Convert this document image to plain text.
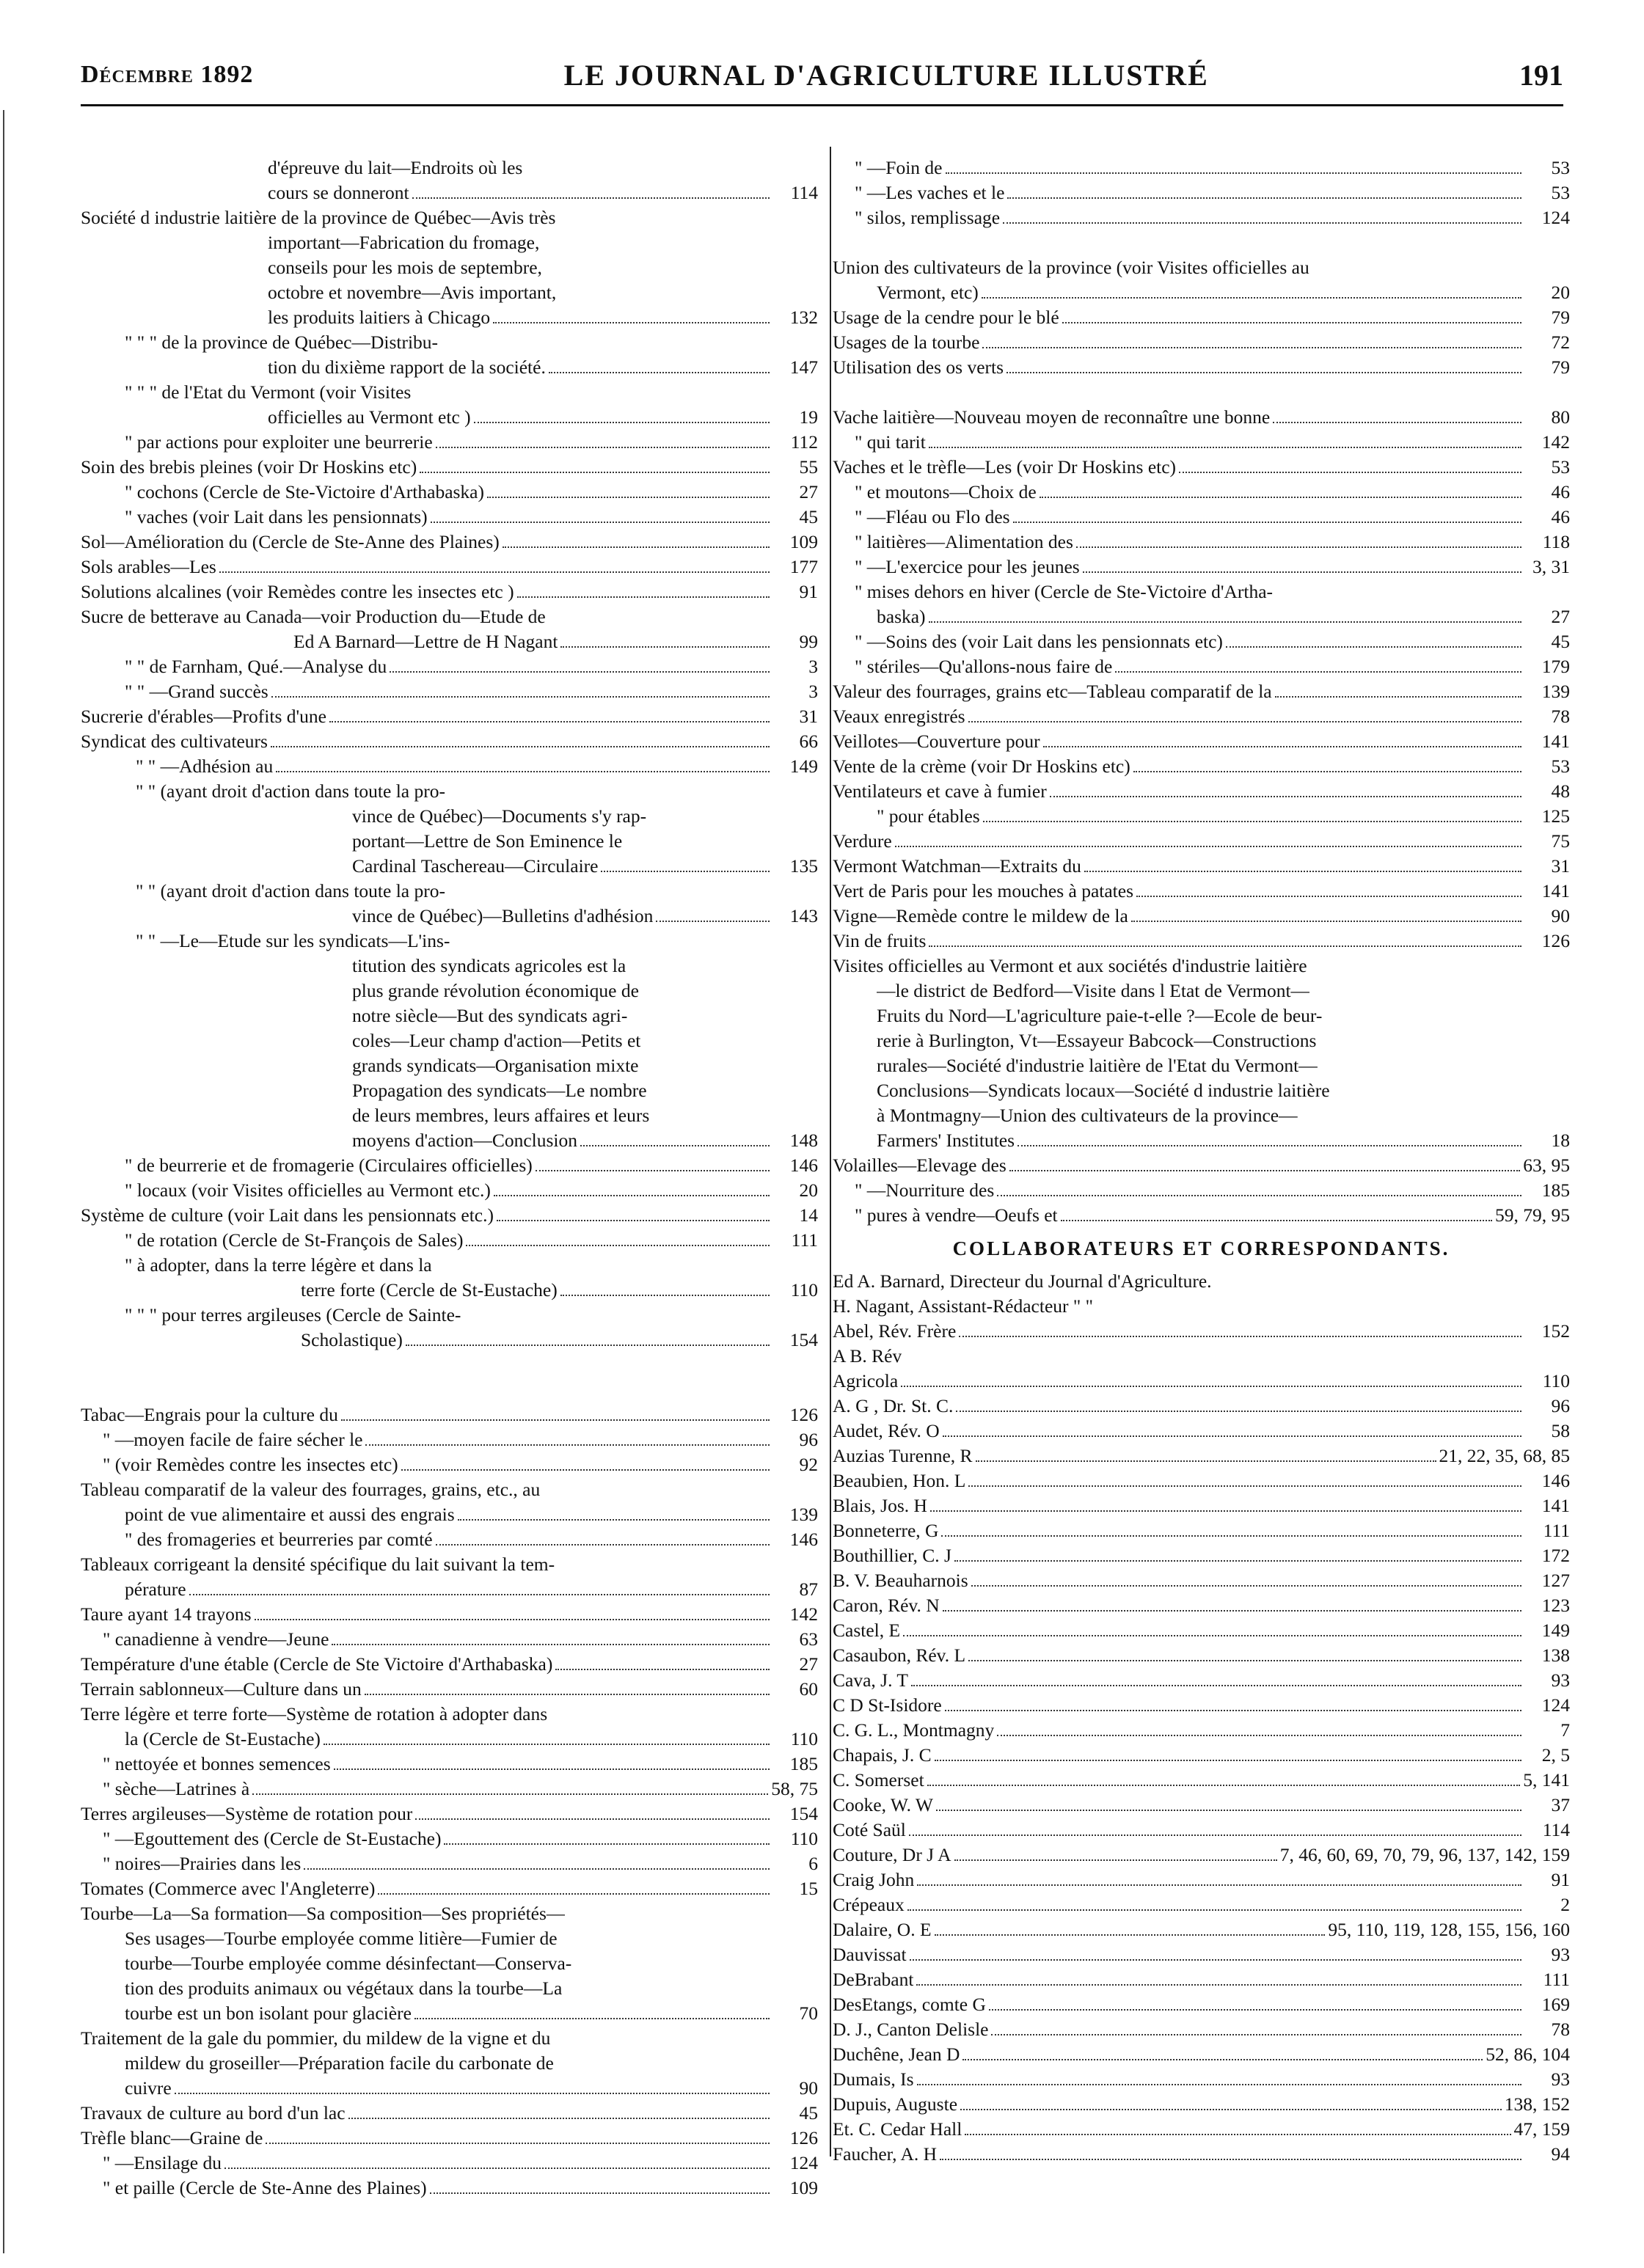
Décembre 1892	LE JOURNAL D'AGRICULTURE ILLUSTRÉ	191
d'épreuve du lait—Endroits où les
cours se donneront	114
Société d industrie laitière de la province de Québec—Avis très
important—Fabrication du fromage,
conseils pour les mois de septembre,
octobre et novembre—Avis important,
les produits laitiers à Chicago	132
" " " de la province de Québec—Distribu-
tion du dixième rapport de la société.	147
" " " de l'Etat du Vermont (voir Visites
officielles au Vermont etc )	19
" par actions pour exploiter une beurrerie	112
Soin des brebis pleines (voir Dr Hoskins etc)	55
" cochons (Cercle de Ste-Victoire d'Arthabaska)	27
" vaches (voir Lait dans les pensionnats)	45
Sol—Amélioration du (Cercle de Ste-Anne des Plaines)	109
Sols arables—Les	177
Solutions alcalines (voir Remèdes contre les insectes etc )	91
Sucre de betterave au Canada—voir Production du—Etude de
Ed A Barnard—Lettre de H Nagant	99
" " de Farnham, Qué.—Analyse du	3
" " —Grand succès	3
Sucrerie d'érables—Profits d'une	31
Syndicat des cultivateurs	66
" " —Adhésion au	149
" " (ayant droit d'action dans toute la pro-
vince de Québec)—Documents s'y rap-
portant—Lettre de Son Eminence le
Cardinal Taschereau—Circulaire	135
" " (ayant droit d'action dans toute la pro-
vince de Québec)—Bulletins d'adhésion	143
" " —Le—Etude sur les syndicats—L'ins-
titution des syndicats agricoles est la
plus grande révolution économique de
notre siècle—But des syndicats agri-
coles—Leur champ d'action—Petits et
grands syndicats—Organisation mixte
Propagation des syndicats—Le nombre
de leurs membres, leurs affaires et leurs
moyens d'action—Conclusion	148
" de beurrerie et de fromagerie (Circulaires officielles)	146
" locaux (voir Visites officielles au Vermont etc.)	20
Système de culture (voir Lait dans les pensionnats etc.)	14
" de rotation (Cercle de St-François de Sales)	111
" à adopter, dans la terre légère et dans la
terre forte (Cercle de St-Eustache)	110
" " " pour terres argileuses (Cercle de Sainte-
Scholastique)	154
Tabac—Engrais pour la culture du	126
" —moyen facile de faire sécher le	96
" (voir Remèdes contre les insectes etc)	92
Tableau comparatif de la valeur des fourrages, grains, etc., au
point de vue alimentaire et aussi des engrais	139
" des fromageries et beurreries par comté	146
Tableaux corrigeant la densité spécifique du lait suivant la tem-
pérature	87
Taure ayant 14 trayons	142
" canadienne à vendre—Jeune	63
Température d'une étable (Cercle de Ste Victoire d'Arthabaska)	27
Terrain sablonneux—Culture dans un	60
Terre légère et terre forte—Système de rotation à adopter dans
la (Cercle de St-Eustache)	110
" nettoyée et bonnes semences	185
" sèche—Latrines à	58, 75
Terres argileuses—Système de rotation pour	154
" —Egouttement des (Cercle de St-Eustache)	110
" noires—Prairies dans les	6
Tomates (Commerce avec l'Angleterre)	15
Tourbe—La—Sa formation—Sa composition—Ses propriétés—
Ses usages—Tourbe employée comme litière—Fumier de
tourbe—Tourbe employée comme désinfectant—Conserva-
tion des produits animaux ou végétaux dans la tourbe—La
tourbe est un bon isolant pour glacière	70
Traitement de la gale du pommier, du mildew de la vigne et du
mildew du groseiller—Préparation facile du carbonate de
cuivre	90
Travaux de culture au bord d'un lac	45
Trèfle blanc—Graine de	126
" —Ensilage du	124
" et paille (Cercle de Ste-Anne des Plaines)	109
" —Foin de	53
" —Les vaches et le	53
" silos, remplissage	124
Union des cultivateurs de la province (voir Visites officielles au
Vermont, etc)	20
Usage de la cendre pour le blé	79
Usages de la tourbe	72
Utilisation des os verts	79
Vache laitière—Nouveau moyen de reconnaître une bonne	80
" qui tarit	142
Vaches et le trèfle—Les (voir Dr Hoskins etc)	53
" et moutons—Choix de	46
" —Fléau ou Flo des	46
" laitières—Alimentation des	118
" —L'exercice pour les jeunes	3, 31
" mises dehors en hiver (Cercle de Ste-Victoire d'Artha-
baska)	27
" —Soins des (voir Lait dans les pensionnats etc)	45
" stériles—Qu'allons-nous faire de	179
Valeur des fourrages, grains etc—Tableau comparatif de la	139
Veaux enregistrés	78
Veillotes—Couverture pour	141
Vente de la crème (voir Dr Hoskins etc)	53
Ventilateurs et cave à fumier	48
" pour étables	125
Verdure	75
Vermont Watchman—Extraits du	31
Vert de Paris pour les mouches à patates	141
Vigne—Remède contre le mildew de la	90
Vin de fruits	126
Visites officielles au Vermont et aux sociétés d'industrie laitière
—le district de Bedford—Visite dans l Etat de Vermont—
Fruits du Nord—L'agriculture paie-t-elle ?—Ecole de beur-
rerie à Burlington, Vt—Essayeur Babcock—Constructions
rurales—Société d'industrie laitière de l'Etat du Vermont—
Conclusions—Syndicats locaux—Société d industrie laitière
à Montmagny—Union des cultivateurs de la province—
Farmers' Institutes	18
Volailles—Elevage des	63, 95
" —Nourriture des	185
" pures à vendre—Oeufs et	59, 79, 95
COLLABORATEURS ET CORRESPONDANTS.
Ed A. Barnard, Directeur du Journal d'Agriculture.
H. Nagant, Assistant-Rédacteur " "
Abel, Rév. Frère	152
A B. Rév
Agricola	110
A. G , Dr. St. C.	96
Audet, Rév. O	58
Auzias Turenne, R	21, 22, 35, 68, 85
Beaubien, Hon. L	146
Blais, Jos. H	141
Bonneterre, G	111
Bouthillier, C. J	172
B. V. Beauharnois	127
Caron, Rév. N	123
Castel, E	149
Casaubon, Rév. L	138
Cava, J. T	93
C D St-Isidore	124
C. G. L., Montmagny	7
Chapais, J. C	2, 5
C. Somerset	5, 141
Cooke, W. W	37
Coté Saül	114
Couture, Dr J A	7, 46, 60, 69, 70, 79, 96, 137, 142, 159
Craig John	91
Crépeaux	2
Dalaire, O. E	95, 110, 119, 128, 155, 156, 160
Dauvissat	93
DeBrabant	111
DesEtangs, comte G	169
D. J., Canton Delisle	78
Duchêne, Jean D	52, 86, 104
Dumais, Is	93
Dupuis, Auguste	138, 152
Et. C. Cedar Hall	47, 159
Faucher, A. H	94
